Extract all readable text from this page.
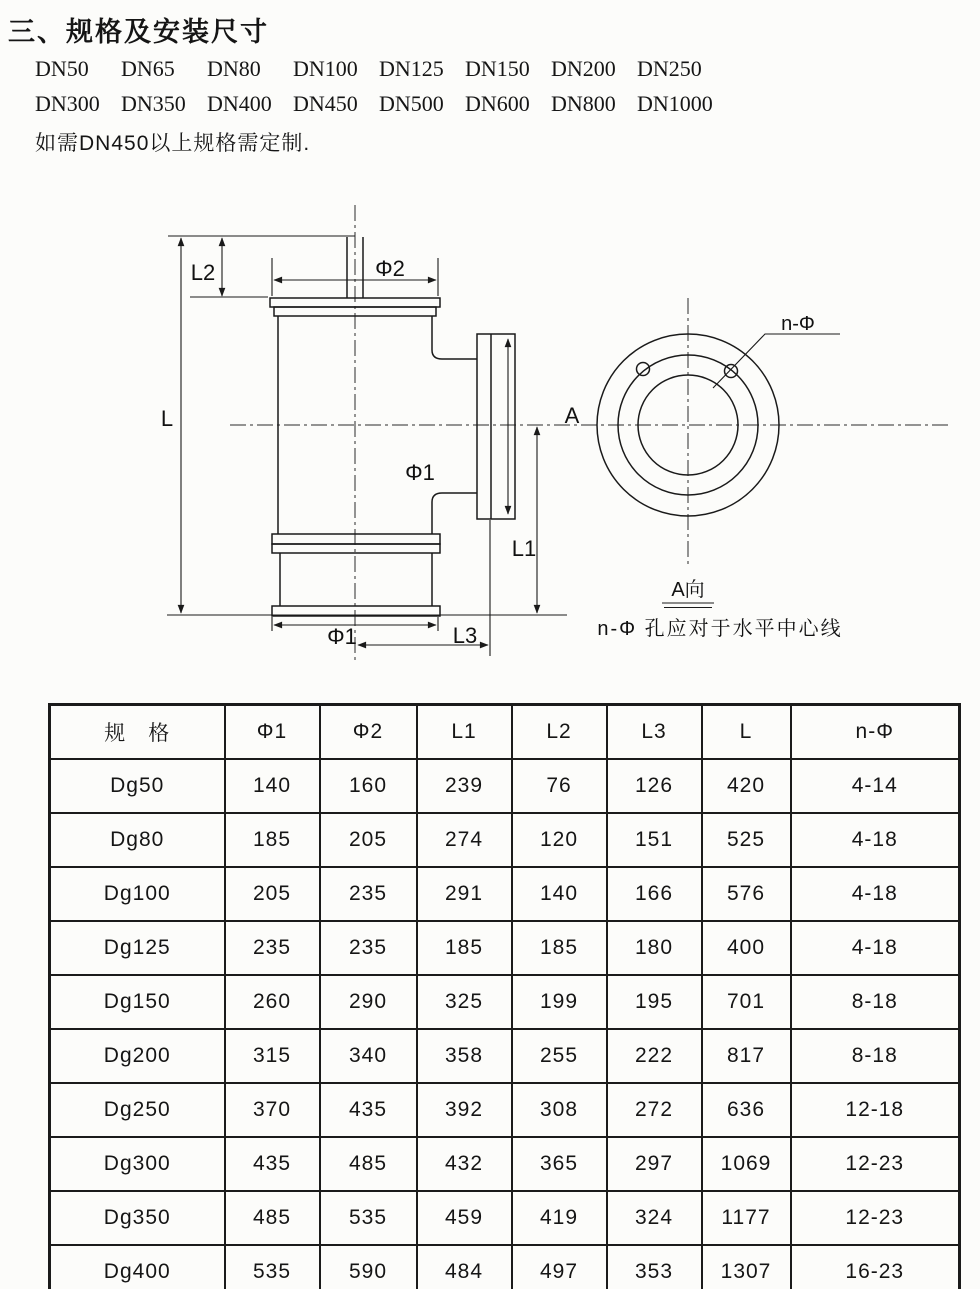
三、规格及安装尺寸
DN50 DN65 DN80 DN100 DN125 DN150 DN200 DN250
DN300 DN350 DN400 DN450 DN500 DN600 DN800 DN1000
如需DN450以上规格需定制.
L2	Φ2
L
Φ1
L1
Φ1	L3
A
n-Φ
A向
n-Φ 孔应对于水平中心线
规　格	Φ1	Φ2	L1	L2	L3	L	n-Φ
Dg50	140	160	239	76	126	420	4-14
Dg80	185	205	274	120	151	525	4-18
Dg100	205	235	291	140	166	576	4-18
Dg125	235	235	185	185	180	400	4-18
Dg150	260	290	325	199	195	701	8-18
Dg200	315	340	358	255	222	817	8-18
Dg250	370	435	392	308	272	636	12-18
Dg300	435	485	432	365	297	1069	12-23
Dg350	485	535	459	419	324	1177	12-23
Dg400	535	590	484	497	353	1307	16-23
